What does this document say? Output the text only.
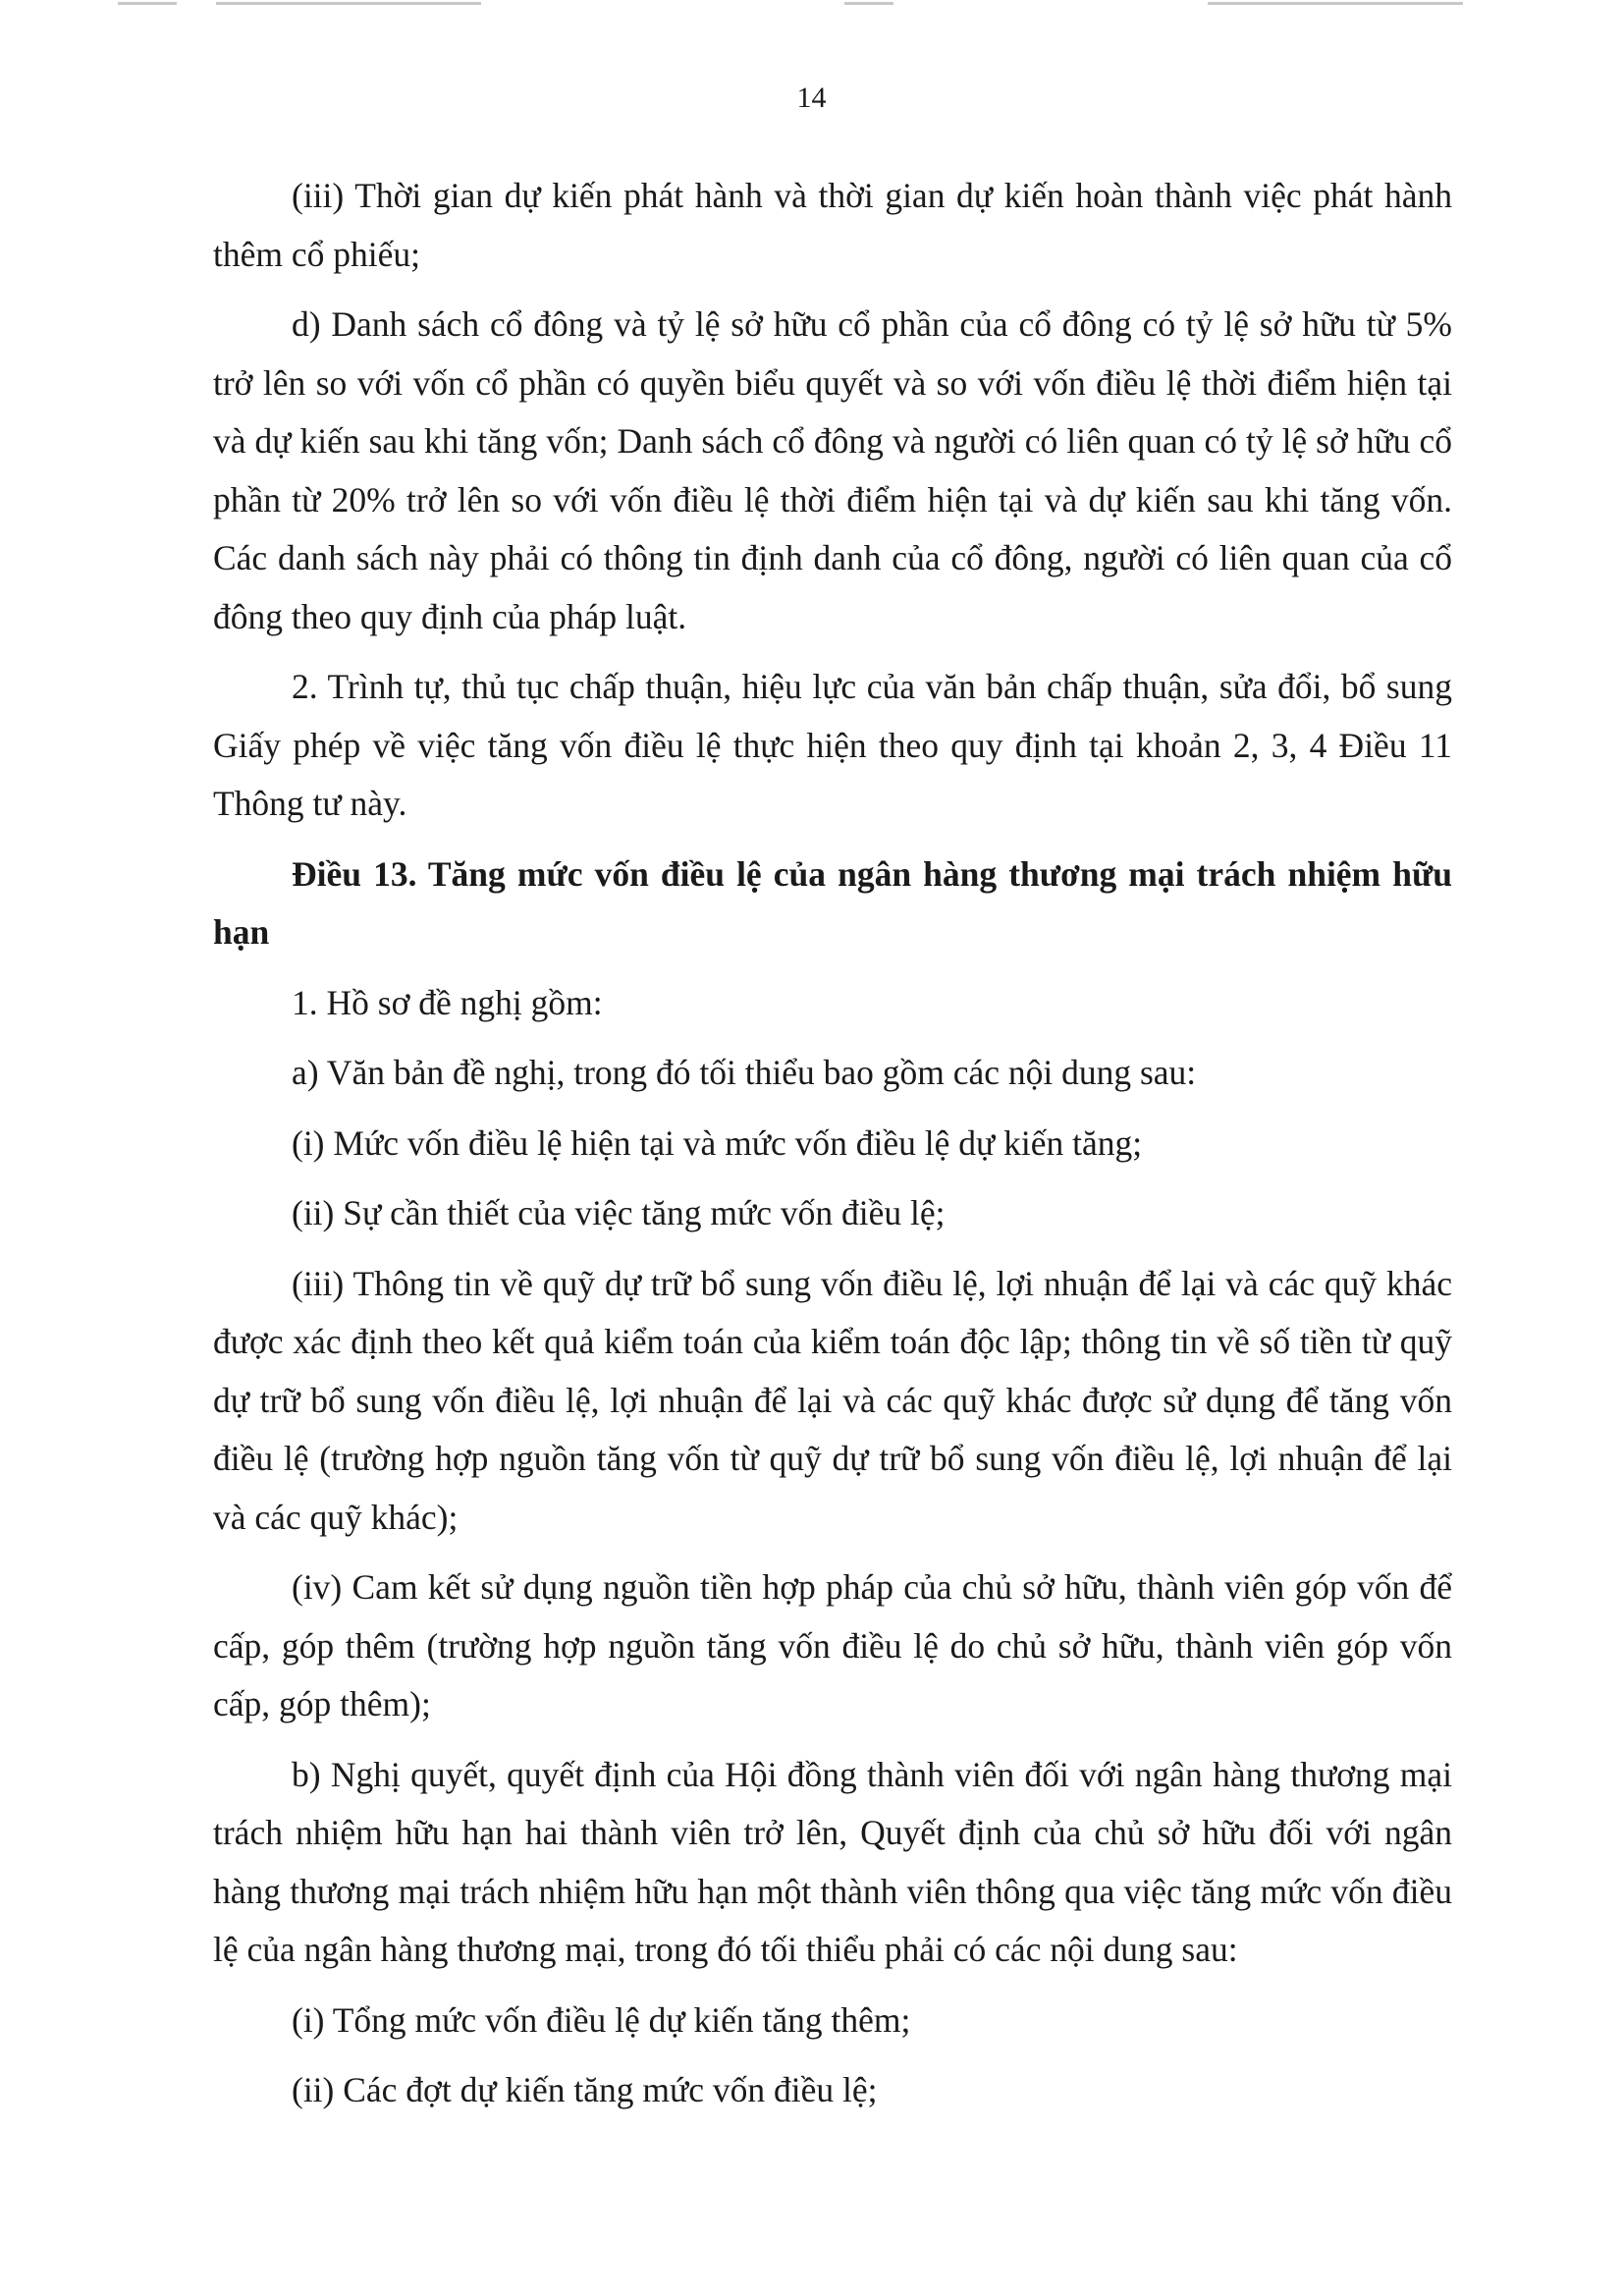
14

(iii) Thời gian dự kiến phát hành và thời gian dự kiến hoàn thành việc phát hành thêm cổ phiếu;

d) Danh sách cổ đông và tỷ lệ sở hữu cổ phần của cổ đông có tỷ lệ sở hữu từ 5% trở lên so với vốn cổ phần có quyền biểu quyết và so với vốn điều lệ thời điểm hiện tại và dự kiến sau khi tăng vốn; Danh sách cổ đông và người có liên quan có tỷ lệ sở hữu cổ phần từ 20% trở lên so với vốn điều lệ thời điểm hiện tại và dự kiến sau khi tăng vốn. Các danh sách này phải có thông tin định danh của cổ đông, người có liên quan của cổ đông theo quy định của pháp luật.

2. Trình tự, thủ tục chấp thuận, hiệu lực của văn bản chấp thuận, sửa đổi, bổ sung Giấy phép về việc tăng vốn điều lệ thực hiện theo quy định tại khoản 2, 3, 4 Điều 11 Thông tư này.

Điều 13. Tăng mức vốn điều lệ của ngân hàng thương mại trách nhiệm hữu hạn

1. Hồ sơ đề nghị gồm:

a) Văn bản đề nghị, trong đó tối thiểu bao gồm các nội dung sau:

(i) Mức vốn điều lệ hiện tại và mức vốn điều lệ dự kiến tăng;

(ii) Sự cần thiết của việc tăng mức vốn điều lệ;

(iii) Thông tin về quỹ dự trữ bổ sung vốn điều lệ, lợi nhuận để lại và các quỹ khác được xác định theo kết quả kiểm toán của kiểm toán độc lập; thông tin về số tiền từ quỹ dự trữ bổ sung vốn điều lệ, lợi nhuận để lại và các quỹ khác được sử dụng để tăng vốn điều lệ (trường hợp nguồn tăng vốn từ quỹ dự trữ bổ sung vốn điều lệ, lợi nhuận để lại và các quỹ khác);

(iv) Cam kết sử dụng nguồn tiền hợp pháp của chủ sở hữu, thành viên góp vốn để cấp, góp thêm (trường hợp nguồn tăng vốn điều lệ do chủ sở hữu, thành viên góp vốn cấp, góp thêm);

b) Nghị quyết, quyết định của Hội đồng thành viên đối với ngân hàng thương mại trách nhiệm hữu hạn hai thành viên trở lên, Quyết định của chủ sở hữu đối với ngân hàng thương mại trách nhiệm hữu hạn một thành viên thông qua việc tăng mức vốn điều lệ của ngân hàng thương mại, trong đó tối thiểu phải có các nội dung sau:

(i) Tổng mức vốn điều lệ dự kiến tăng thêm;

(ii) Các đợt dự kiến tăng mức vốn điều lệ;
